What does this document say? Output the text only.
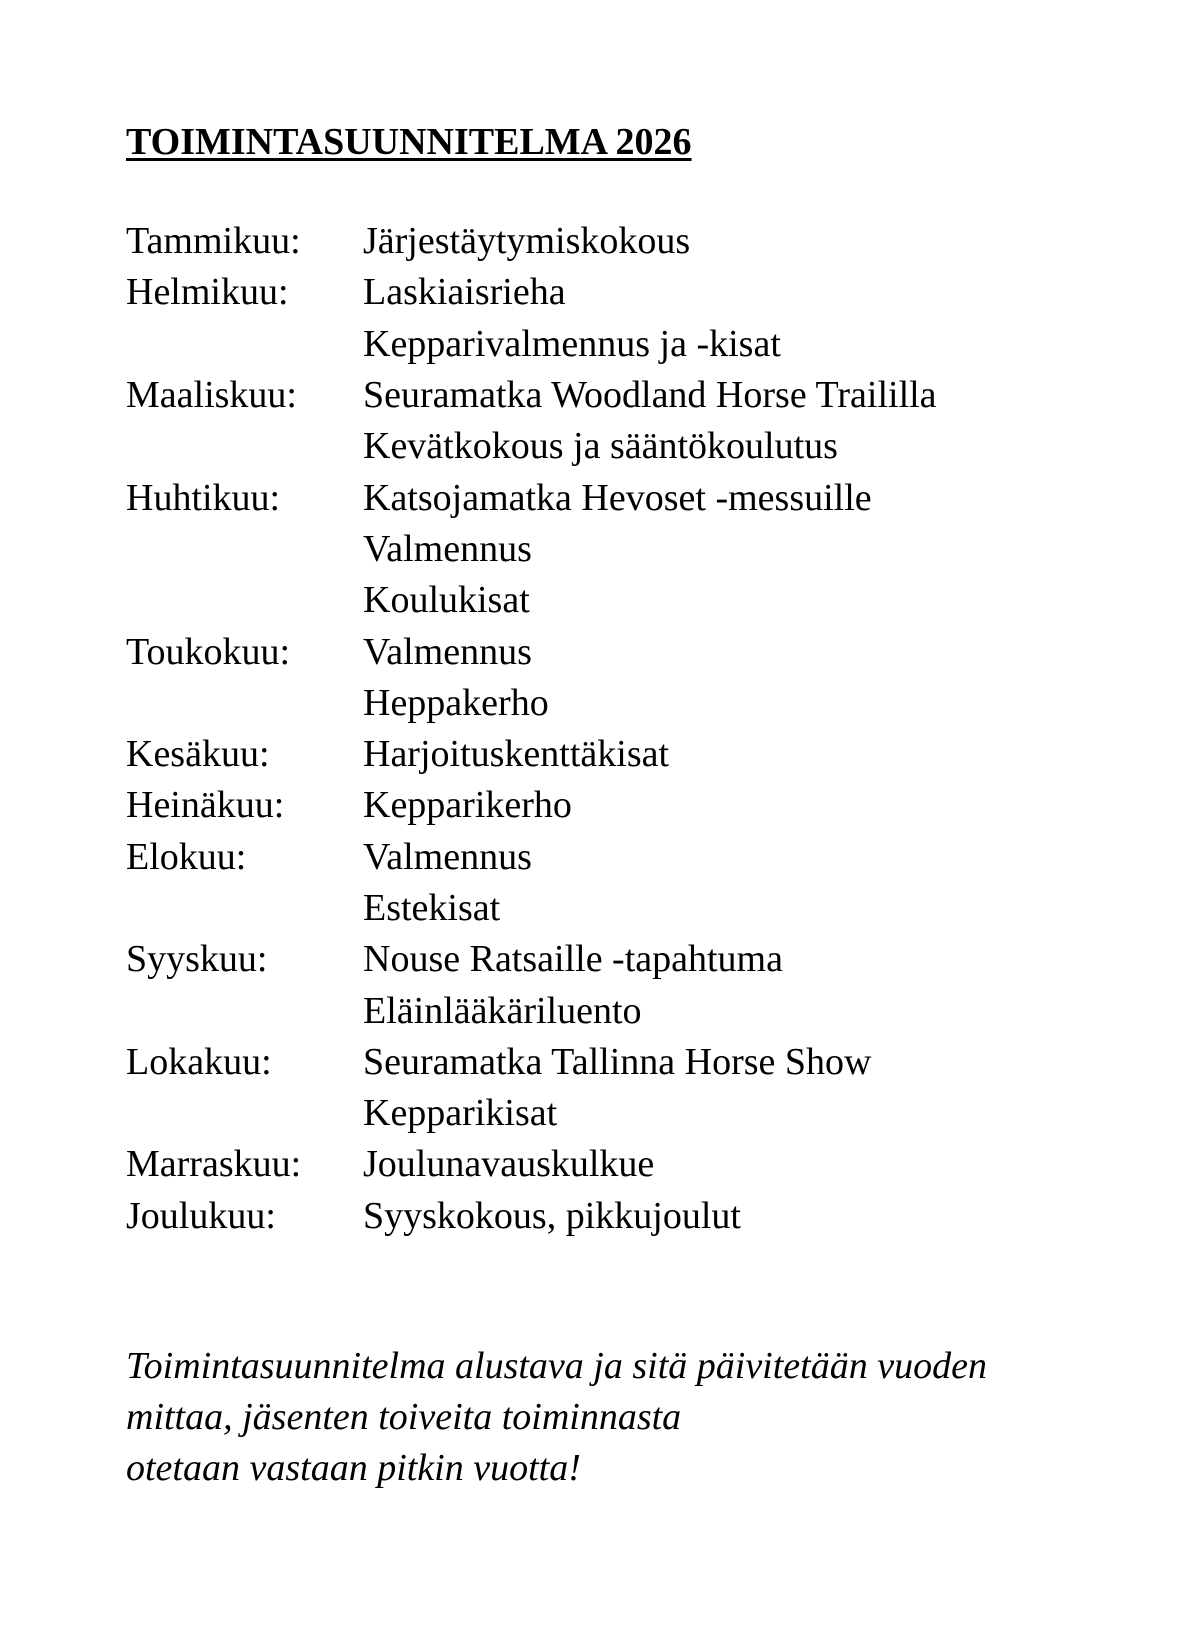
TOIMINTASUUNNITELMA 2026
Tammikuu:	Järjestäytymiskokous
Helmikuu:	Laskiaisrieha
Kepparivalmennus ja -kisat
Maaliskuu:	Seuramatka Woodland Horse Traililla
Kevätkokous ja sääntökoulutus
Huhtikuu:	Katsojamatka Hevoset -messuille
Valmennus
Koulukisat
Toukokuu:	Valmennus
Heppakerho
Kesäkuu:	Harjoituskenttäkisat
Heinäkuu:	Kepparikerho
Elokuu:	Valmennus
Estekisat
Syyskuu:	Nouse Ratsaille -tapahtuma
Eläinlääkäriluento
Lokakuu:	Seuramatka Tallinna Horse Show
Kepparikisat
Marraskuu:	Joulunavauskulkue
Joulukuu:	Syyskokous, pikkujoulut

Toimintasuunnitelma alustava ja sitä päivitetään vuoden
mittaa, jäsenten toiveita toiminnasta
otetaan vastaan pitkin vuotta!
